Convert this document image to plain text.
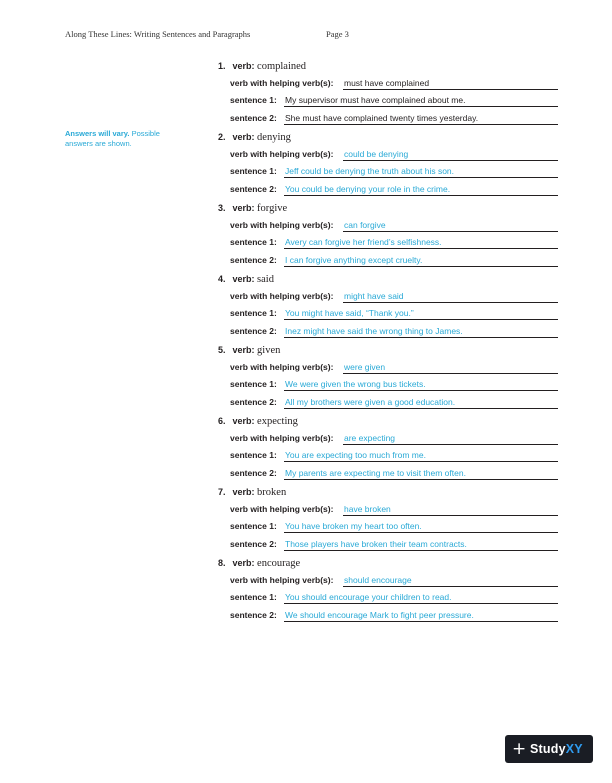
Along These Lines: Writing Sentences and Paragraphs	Page 3
Answers will vary. Possible answers are shown.
1. verb: complained
verb with helping verb(s): must have complained
sentence 1: My supervisor must have complained about me.
sentence 2: She must have complained twenty times yesterday.
2. verb: denying
verb with helping verb(s): could be denying
sentence 1: Jeff could be denying the truth about his son.
sentence 2: You could be denying your role in the crime.
3. verb: forgive
verb with helping verb(s): can forgive
sentence 1: Avery can forgive her friend’s selfishness.
sentence 2: I can forgive anything except cruelty.
4. verb: said
verb with helping verb(s): might have said
sentence 1: You might have said, “Thank you.”
sentence 2: Inez might have said the wrong thing to James.
5. verb: given
verb with helping verb(s): were given
sentence 1: We were given the wrong bus tickets.
sentence 2: All my brothers were given a good education.
6. verb: expecting
verb with helping verb(s): are expecting
sentence 1: You are expecting too much from me.
sentence 2: My parents are expecting me to visit them often.
7. verb: broken
verb with helping verb(s): have broken
sentence 1: You have broken my heart too often.
sentence 2: Those players have broken their team contracts.
8. verb: encourage
verb with helping verb(s): should encourage
sentence 1: You should encourage your children to read.
sentence 2: We should encourage Mark to fight peer pressure.
+ StudyXY
